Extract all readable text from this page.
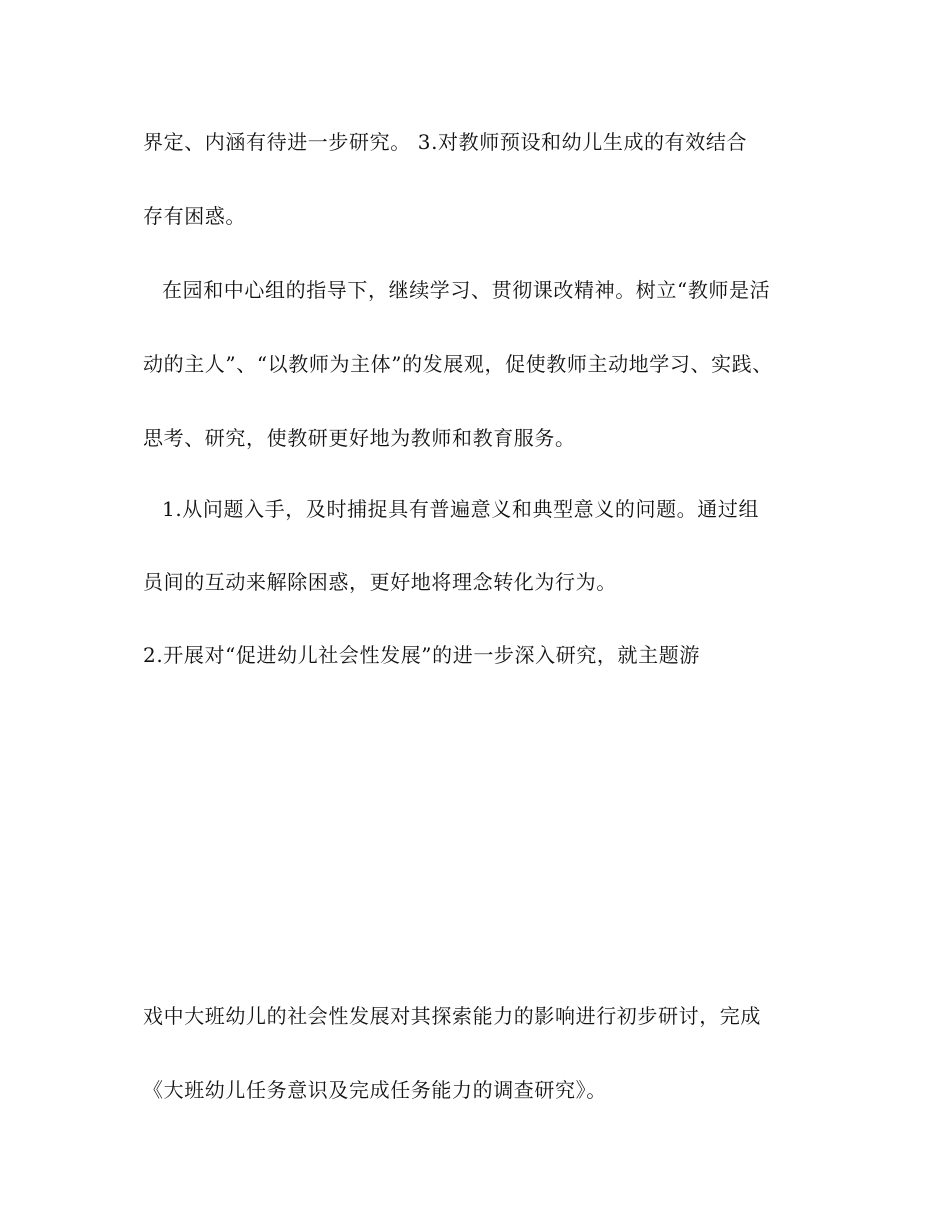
界定、内涵有待进一步研究。 3.对教师预设和幼儿生成的有效结合
存有困惑。
在园和中心组的指导下，继续学习、贯彻课改精神。树立“教师是活
动的主人”、“以教师为主体”的发展观，促使教师主动地学习、实践、
思考、研究，使教研更好地为教师和教育服务。
1.从问题入手，及时捕捉具有普遍意义和典型意义的问题。通过组
员间的互动来解除困惑，更好地将理念转化为行为。
2.开展对“促进幼儿社会性发展”的进一步深入研究，就主题游
戏中大班幼儿的社会性发展对其探索能力的影响进行初步研讨，完成
《大班幼儿任务意识及完成任务能力的调查研究》。
